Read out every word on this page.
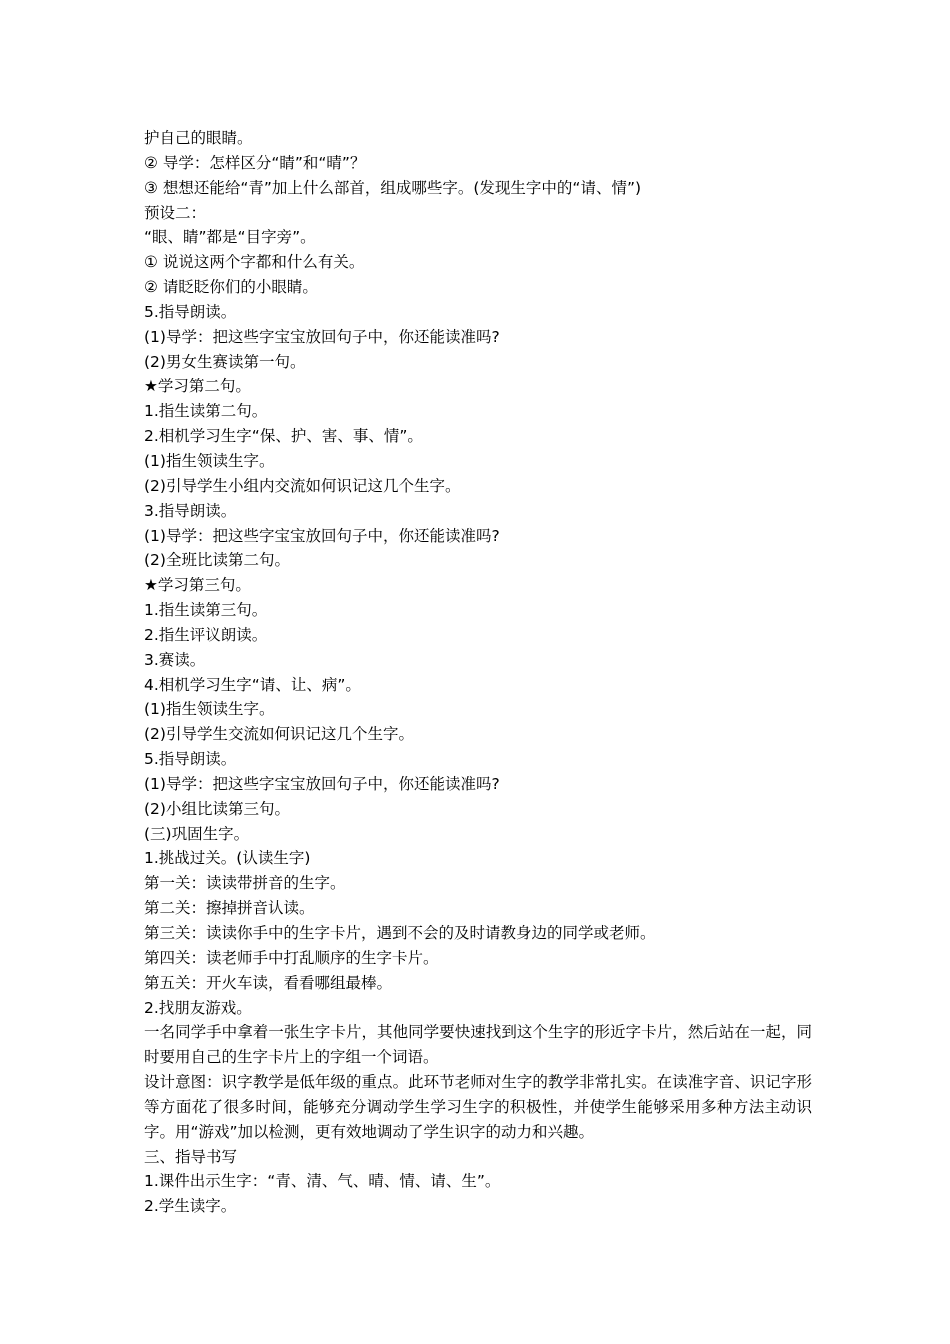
护自己的眼睛。
② 导学：怎样区分“睛”和“晴”？
③ 想想还能给“青”加上什么部首，组成哪些字。(发现生字中的“请、情”)
预设二：
“眼、睛”都是“目字旁”。
① 说说这两个字都和什么有关。
② 请眨眨你们的小眼睛。
5.指导朗读。
(1)导学：把这些字宝宝放回句子中，你还能读准吗?
(2)男女生赛读第一句。
★学习第二句。
1.指生读第二句。
2.相机学习生字“保、护、害、事、情”。
(1)指生领读生字。
(2)引导学生小组内交流如何识记这几个生字。
3.指导朗读。
(1)导学：把这些字宝宝放回句子中，你还能读准吗?
(2)全班比读第二句。
★学习第三句。
1.指生读第三句。
2.指生评议朗读。
3.赛读。
4.相机学习生字“请、让、病”。
(1)指生领读生字。
(2)引导学生交流如何识记这几个生字。
5.指导朗读。
(1)导学：把这些字宝宝放回句子中，你还能读准吗?
(2)小组比读第三句。
(三)巩固生字。
1.挑战过关。(认读生字)
第一关：读读带拼音的生字。
第二关：擦掉拼音认读。
第三关：读读你手中的生字卡片，遇到不会的及时请教身边的同学或老师。
第四关：读老师手中打乱顺序的生字卡片。
第五关：开火车读，看看哪组最棒。
2.找朋友游戏。
一名同学手中拿着一张生字卡片，其他同学要快速找到这个生字的形近字卡片，然后站在一起，同时要用自己的生字卡片上的字组一个词语。
设计意图：识字教学是低年级的重点。此环节老师对生字的教学非常扎实。在读准字音、识记字形等方面花了很多时间，能够充分调动学生学习生字的积极性，并使学生能够采用多种方法主动识字。用“游戏”加以检测，更有效地调动了学生识字的动力和兴趣。
三、指导书写
1.课件出示生字：“青、清、气、晴、情、请、生”。
2.学生读字。
